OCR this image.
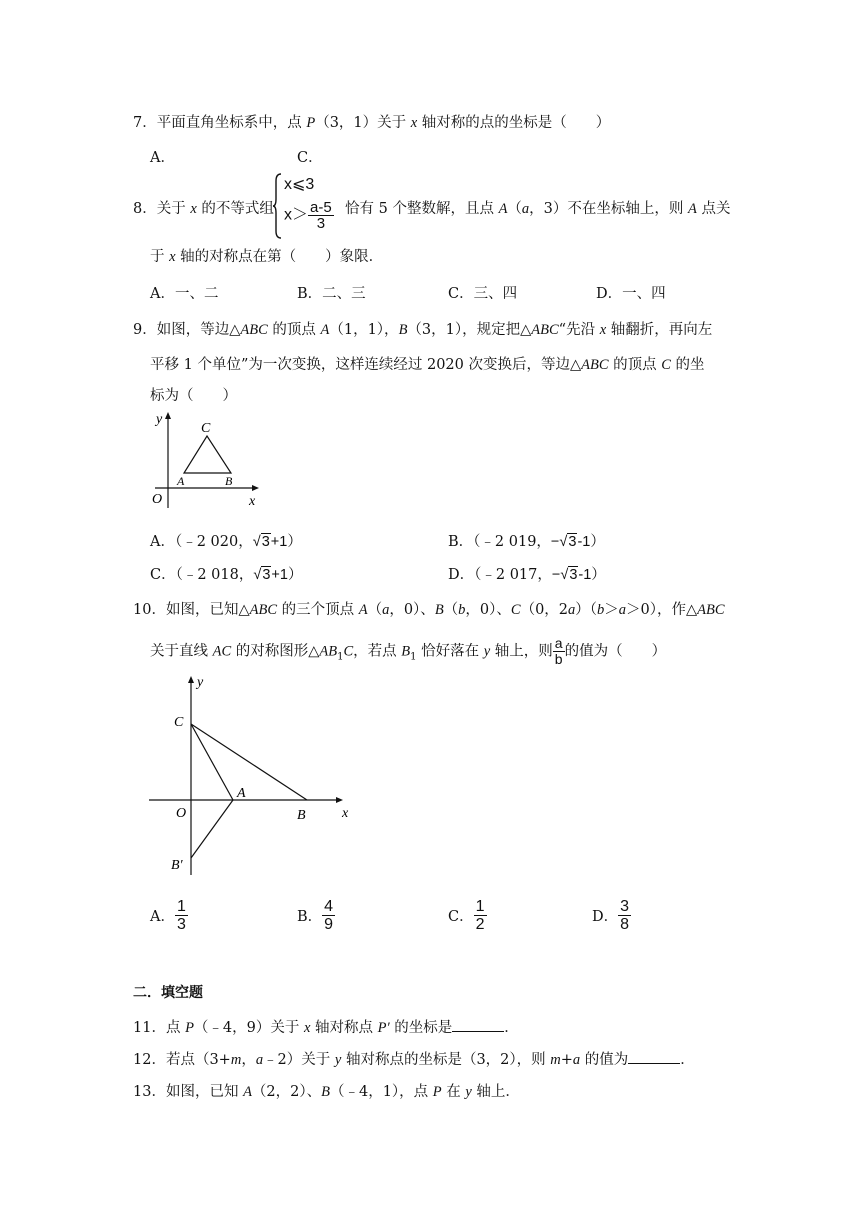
7．平面直角坐标系中，点 P（3，1）关于 x 轴对称的点的坐标是（　　）
A．	C．
8．关于 x 的不等式组
x⩽3
$x> \frac{a-5}{3}$ 恰有 5 个整数解，且点 A（a，3）不在坐标轴上，则 A 点关
于 x 轴的对称点在第（　　）象限．
A．一、二	B．二、三	C．三、四	D．一、四
9．如图，等边△ABC 的顶点 A（1，1），B（3，1），规定把△ABC“先沿 x 轴翻折，再向左
平移 1 个单位”为一次变换，这样连续经过 2020 次变换后，等边△ABC 的顶点 C 的坐
标为（　　）
y
C
A	B
O	x
A．（﹣2 020，√3+1）	B．（﹣2 019，−√3-1）
C．（﹣2 018，√3+1）	D．（﹣2 017，−√3-1）
10．如图，已知△ABC 的三个顶点 A（a，0）、B（b，0）、C（0，2a）（b＞a＞0），作△ABC
关于直线 AC 的对称图形$\triangle AB_1C$，若点 $B_1$ 恰好落在 y 轴上，则 $\frac{a}{b}$ 的值为（　　）
y
C
O
A
B	x
B′
A． $\frac{1}{3}$	B． $\frac{4}{9}$	C． $\frac{1}{2}$	D． $\frac{3}{8}$
二．填空题
11．点 P（﹣4，9）关于 x 轴对称点 P′ 的坐标是	．
12．若点（3+m，a﹣2）关于 y 轴对称点的坐标是（3，2），则 m+a 的值为	．
13．如图，已知 A（2，2）、B（﹣4，1），点 P 在 y 轴上．
